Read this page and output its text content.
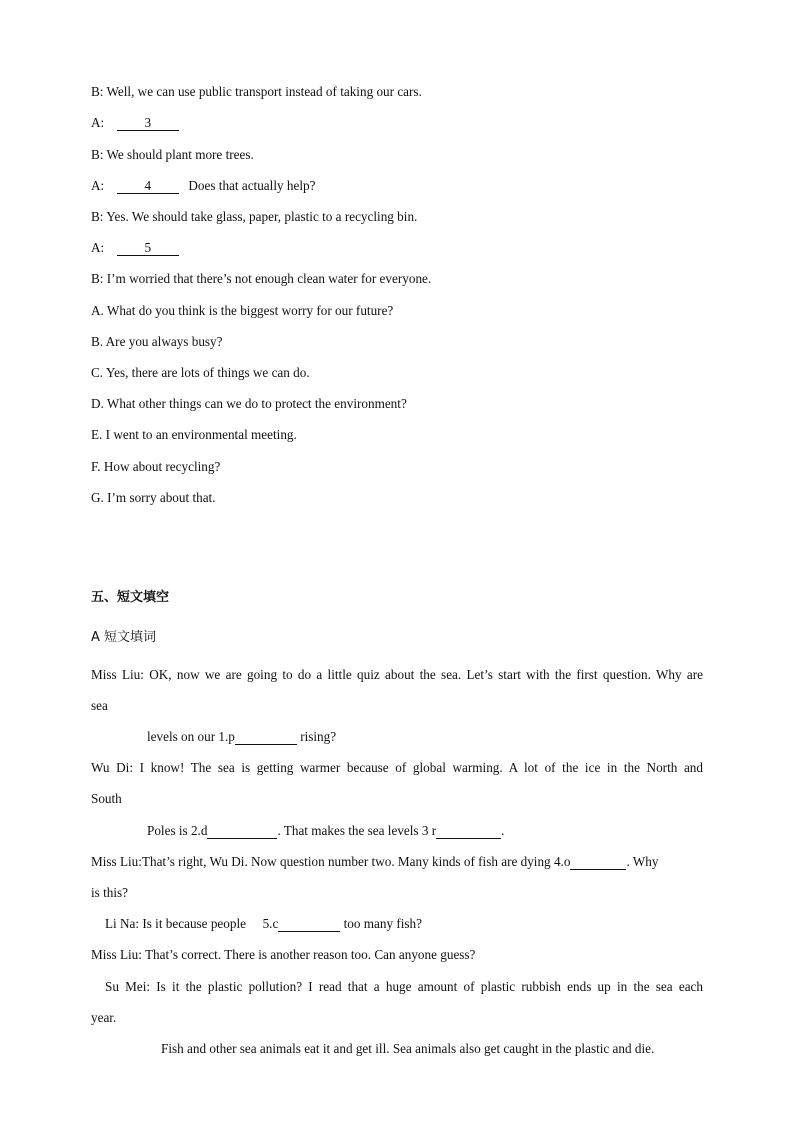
B: Well, we can use public transport instead of taking our cars.
A:	3
B: We should plant more trees.
A:	4	Does that actually help?
B: Yes. We should take glass, paper, plastic to a recycling bin.
A:	5
B: I’m worried that there’s not enough clean water for everyone.
A. What do you think is the biggest worry for our future?
B. Are you always busy?
C. Yes, there are lots of things we can do.
D. What other things can we do to protect the environment?
E. I went to an environmental meeting.
F. How about recycling?
G. I’m sorry about that.
五、短文填空
A 短文填词
Miss Liu: OK, now we are going to do a little quiz about the sea. Let’s start with the first question. Why are
sea
levels on our 1.p	rising?
Wu Di: I know! The sea is getting warmer because of global warming. A lot of the ice in the North and
South
Poles is 2.d	. That makes the sea levels 3 r	.
Miss Liu:That’s right, Wu Di. Now question number two. Many kinds of fish are dying 4.o	. Why
is this?
Li Na: Is it because people 5.c	too many fish?
Miss Liu: That’s correct. There is another reason too. Can anyone guess?
Su Mei: Is it the plastic pollution? I read that a huge amount of plastic rubbish ends up in the sea each
year.
Fish and other sea animals eat it and get ill. Sea animals also get caught in the plastic and die.
